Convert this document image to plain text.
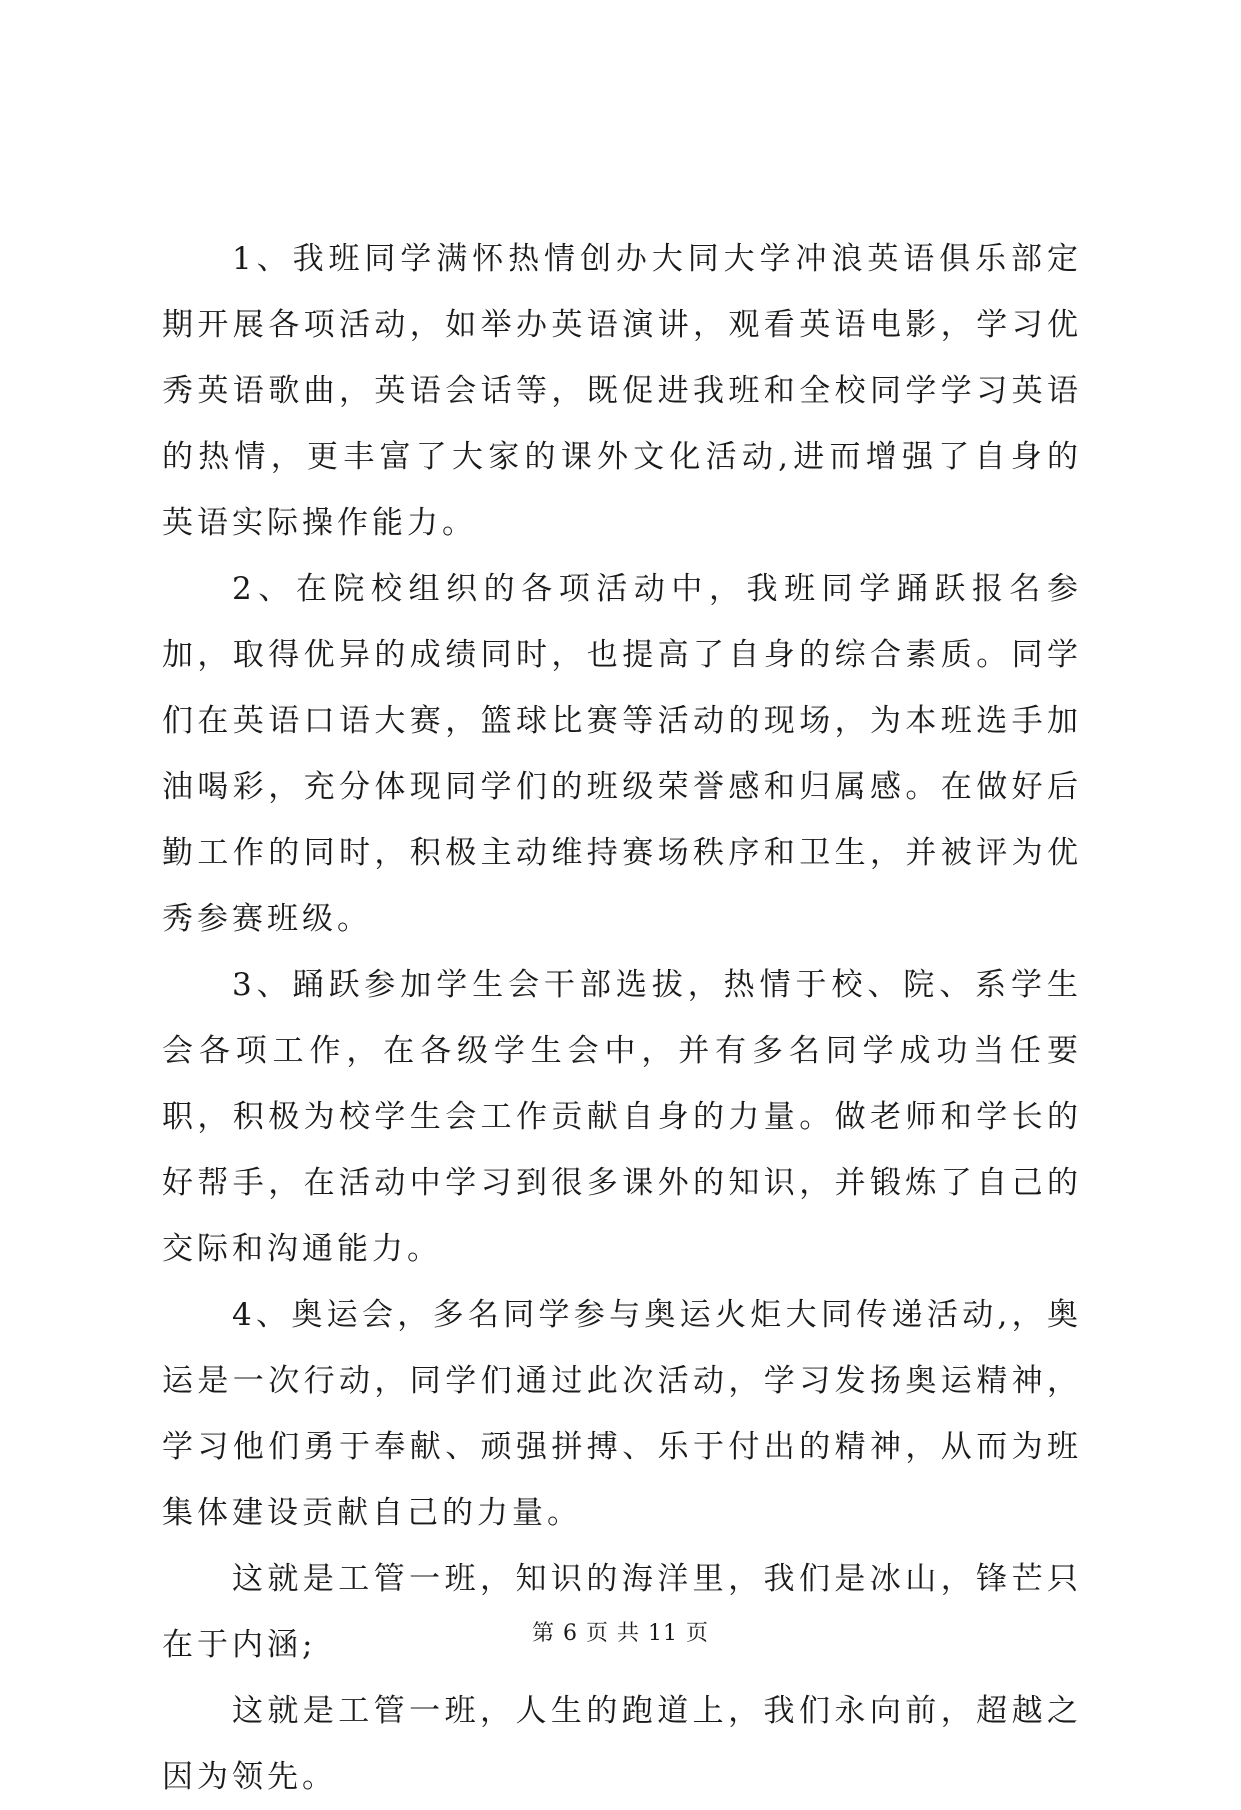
1、我班同学满怀热情创办大同大学冲浪英语俱乐部定期开展各项活动，如举办英语演讲，观看英语电影，学习优秀英语歌曲，英语会话等，既促进我班和全校同学学习英语的热情，更丰富了大家的课外文化活动,进而增强了自身的英语实际操作能力。

2、在院校组织的各项活动中，我班同学踊跃报名参加，取得优异的成绩同时，也提高了自身的综合素质。同学们在英语口语大赛，篮球比赛等活动的现场，为本班选手加油喝彩，充分体现同学们的班级荣誉感和归属感。在做好后勤工作的同时，积极主动维持赛场秩序和卫生，并被评为优秀参赛班级。

3、踊跃参加学生会干部选拔，热情于校、院、系学生会各项工作，在各级学生会中，并有多名同学成功当任要职，积极为校学生会工作贡献自身的力量。做老师和学长的好帮手，在活动中学习到很多课外的知识，并锻炼了自己的交际和沟通能力。

4、奥运会，多名同学参与奥运火炬大同传递活动,，奥运是一次行动，同学们通过此次活动，学习发扬奥运精神，学习他们勇于奉献、顽强拼搏、乐于付出的精神，从而为班集体建设贡献自己的力量。

这就是工管一班，知识的海洋里，我们是冰山，锋芒只在于内涵;

这就是工管一班，人生的跑道上，我们永向前，超越之因为领先。

第 6 页 共 11 页
